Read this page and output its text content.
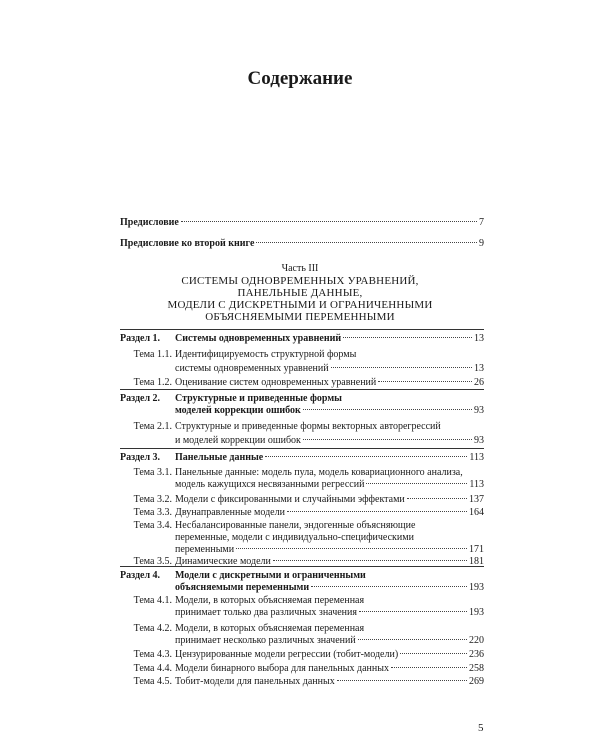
Содержание
Предисловие	7
Предисловие ко второй книге	9
Часть III
СИСТЕМЫ ОДНОВРЕМЕННЫХ УРАВНЕНИЙ,
ПАНЕЛЬНЫЕ ДАННЫЕ,
МОДЕЛИ С ДИСКРЕТНЫМИ И ОГРАНИЧЕННЫМИ
ОБЪЯСНЯЕМЫМИ ПЕРЕМЕННЫМИ
Раздел 1.	Системы одновременных уравнений	13
Тема 1.1. Идентифицируемость структурной формы
системы одновременных уравнений	13
Тема 1.2. Оценивание систем одновременных уравнений	26
Раздел 2.	Структурные и приведенные формы
моделей коррекции ошибок	93
Тема 2.1. Структурные и приведенные формы векторных авторегрессий
и моделей коррекции ошибок	93
Раздел 3.	Панельные данные	113
Тема 3.1. Панельные данные: модель пула, модель ковариационного анализа,
модель кажущихся несвязанными регрессий	113
Тема 3.2. Модели с фиксированными и случайными эффектами	137
Тема 3.3. Двунаправленные модели	164
Тема 3.4. Несбалансированные панели, эндогенные объясняющие
переменные, модели с индивидуально-специфическими
переменными	171
Тема 3.5. Динамические модели	181
Раздел 4.	Модели с дискретными и ограниченными
объясняемыми переменными	193
Тема 4.1. Модели, в которых объясняемая переменная
принимает только два различных значения	193
Тема 4.2. Модели, в которых объясняемая переменная
принимает несколько различных значений	220
Тема 4.3. Цензурированные модели регрессии (тобит-модели)	236
Тема 4.4. Модели бинарного выбора для панельных данных	258
Тема 4.5. Тобит-модели для панельных данных	269
5
